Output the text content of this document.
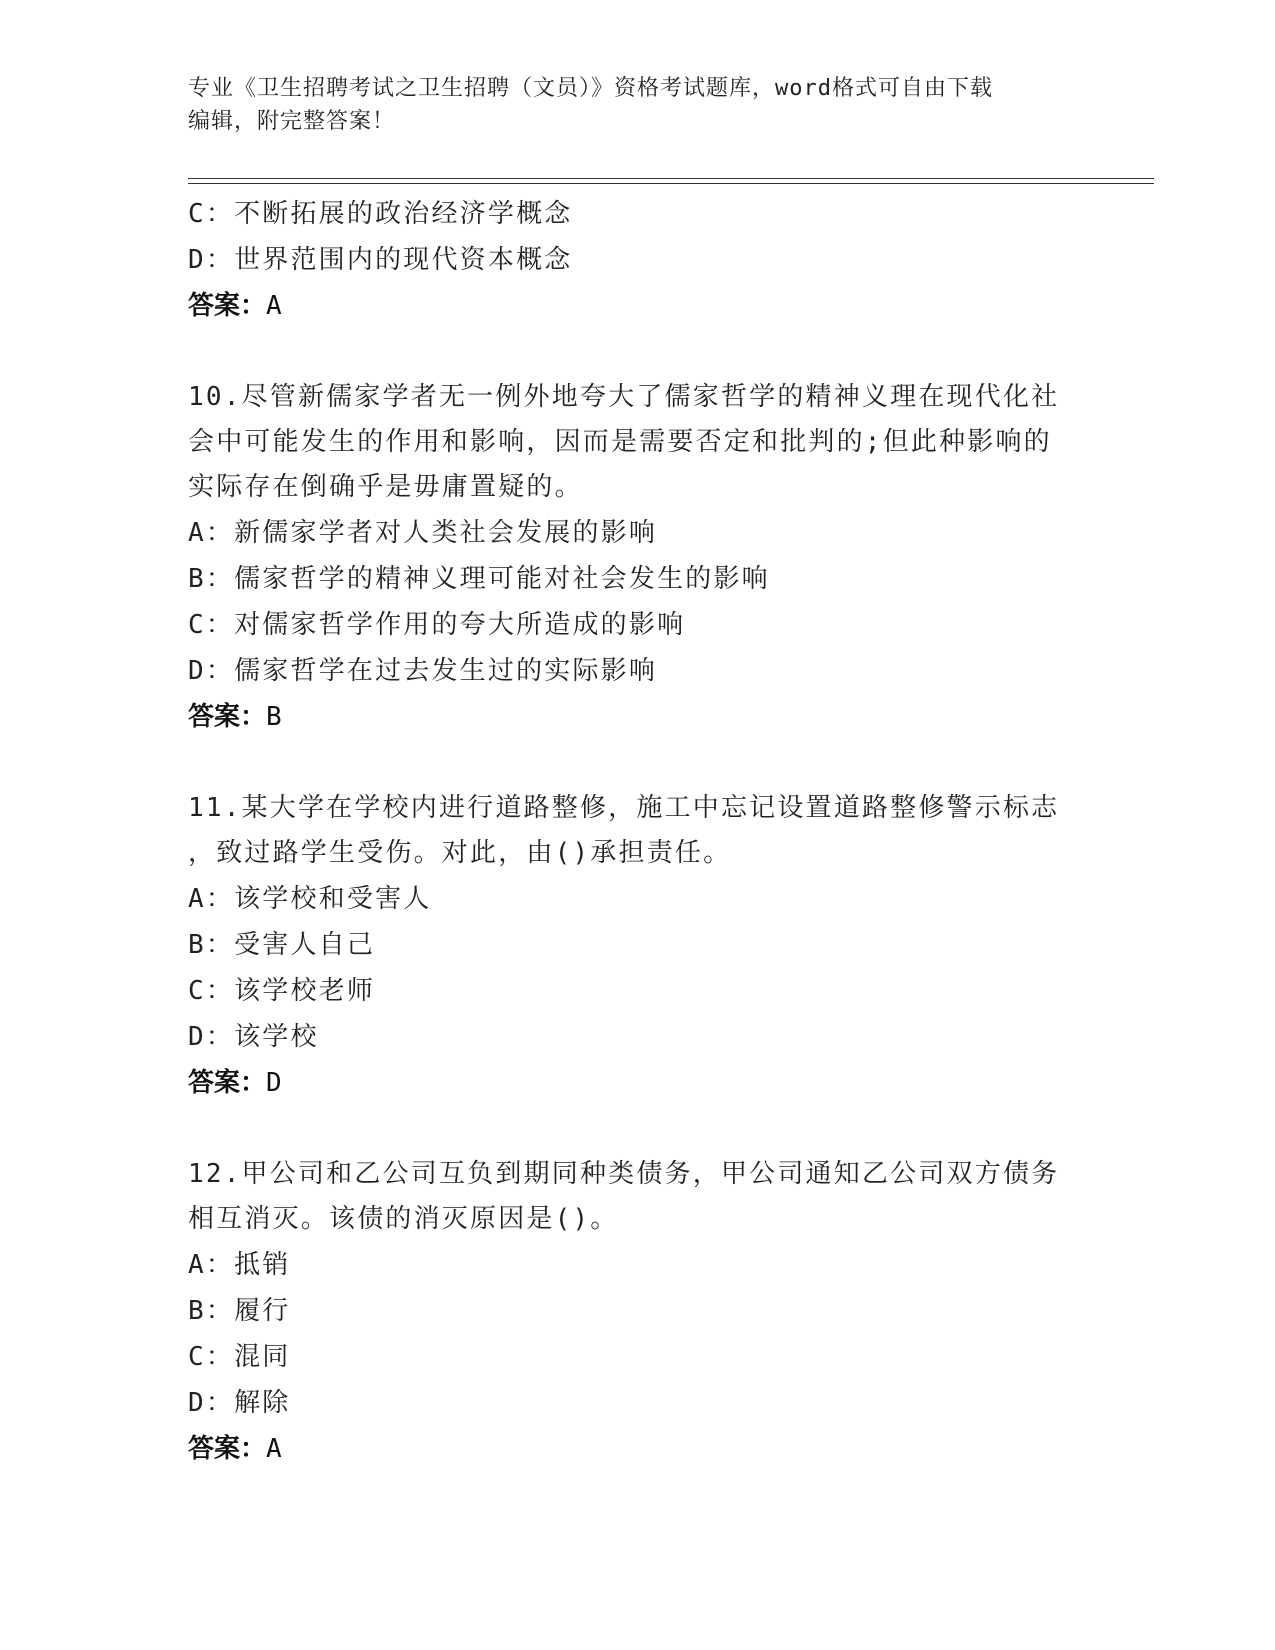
专业《卫生招聘考试之卫生招聘（文员）》资格考试题库，word格式可自由下载
编辑，附完整答案！
C：不断拓展的政治经济学概念
D：世界范围内的现代资本概念
答案：A
10.尽管新儒家学者无一例外地夸大了儒家哲学的精神义理在现代化社
会中可能发生的作用和影响，因而是需要否定和批判的;但此种影响的
实际存在倒确乎是毋庸置疑的。
A：新儒家学者对人类社会发展的影响
B：儒家哲学的精神义理可能对社会发生的影响
C：对儒家哲学作用的夸大所造成的影响
D：儒家哲学在过去发生过的实际影响
答案：B
11.某大学在学校内进行道路整修，施工中忘记设置道路整修警示标志
，致过路学生受伤。对此，由()承担责任。
A：该学校和受害人
B：受害人自己
C：该学校老师
D：该学校
答案：D
12.甲公司和乙公司互负到期同种类债务，甲公司通知乙公司双方债务
相互消灭。该债的消灭原因是()。
A：抵销
B：履行
C：混同
D：解除
答案：A
